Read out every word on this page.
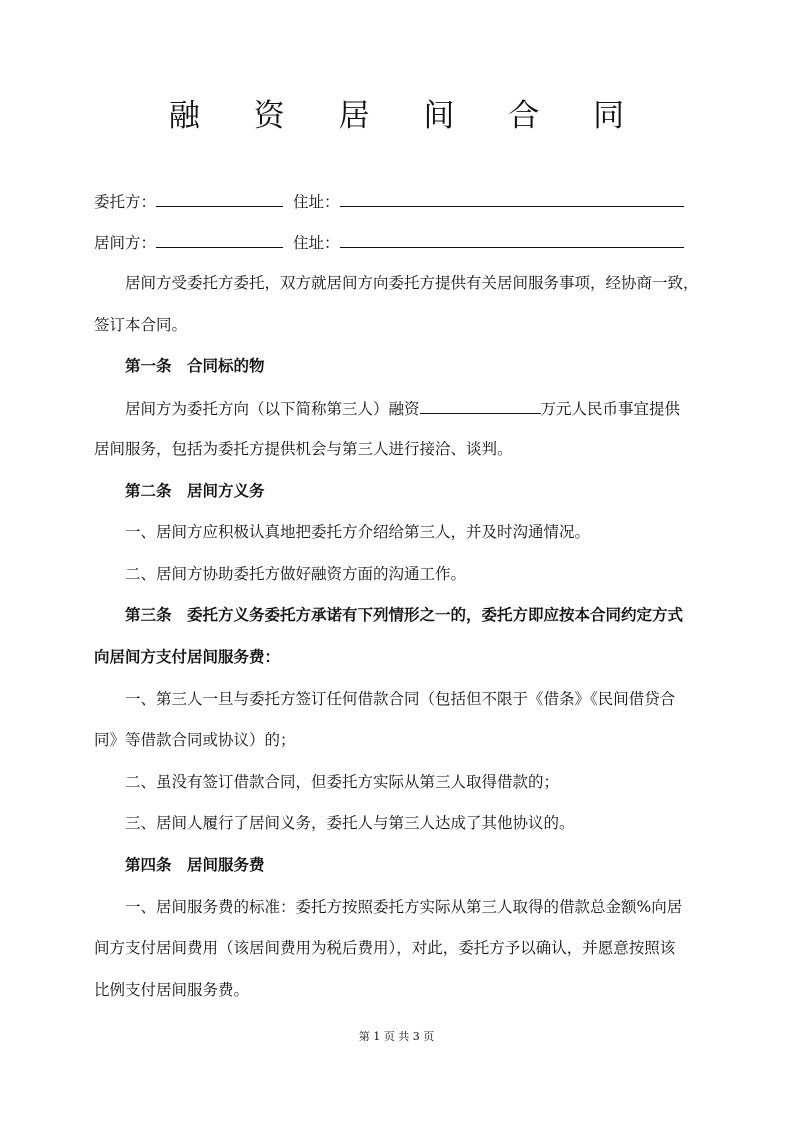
融 资 居 间 合 同
委托方：	住址：
居间方：	住址：
居间方受委托方委托，双方就居间方向委托方提供有关居间服务事项，经协商一致，
签订本合同。
第一条　合同标的物
居间方为委托方向（以下简称第三人）融资	万元人民币事宜提供
居间服务，包括为委托方提供机会与第三人进行接洽、谈判。
第二条　居间方义务
一、居间方应积极认真地把委托方介绍给第三人，并及时沟通情况。
二、居间方协助委托方做好融资方面的沟通工作。
第三条　委托方义务委托方承诺有下列情形之一的，委托方即应按本合同约定方式
向居间方支付居间服务费：
一、第三人一旦与委托方签订任何借款合同（包括但不限于《借条》《民间借贷合
同》等借款合同或协议）的；
二、虽没有签订借款合同，但委托方实际从第三人取得借款的；
三、居间人履行了居间义务，委托人与第三人达成了其他协议的。
第四条　居间服务费
一、居间服务费的标准：委托方按照委托方实际从第三人取得的借款总金额%向居
间方支付居间费用（该居间费用为税后费用），对此，委托方予以确认，并愿意按照该
比例支付居间服务费。
第 1 页 共 3 页
